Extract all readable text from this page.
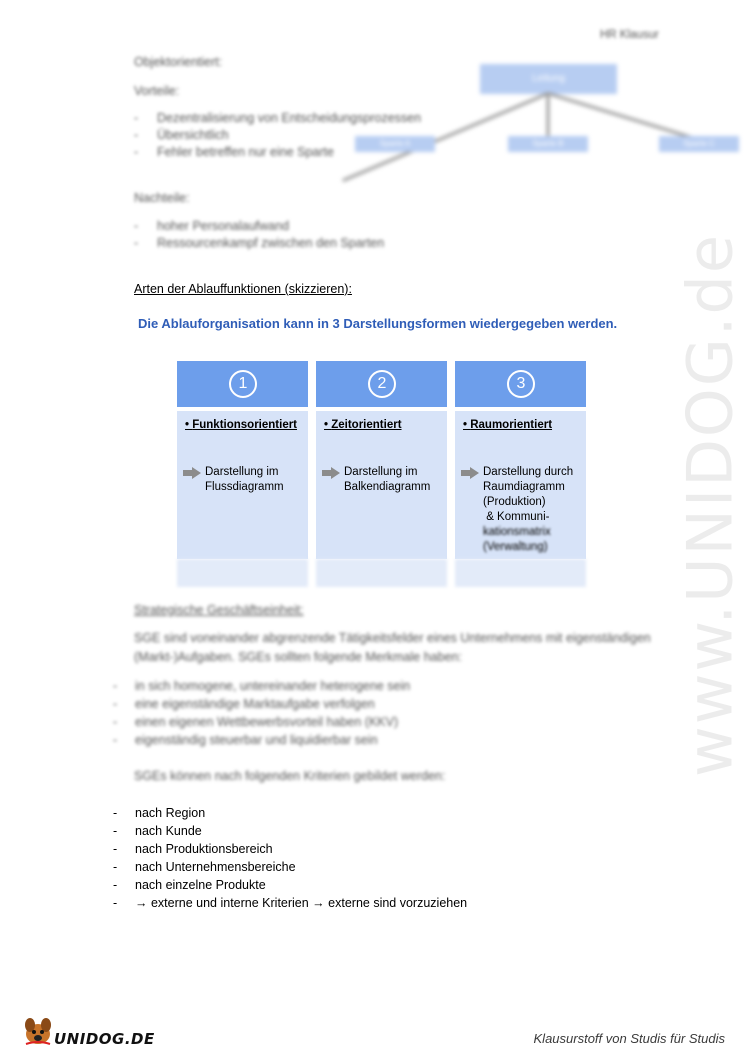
HR Klausur
Objektorientiert:
Vorteile:
- Dezentralisierung von Entscheidungsprozessen
- Übersichtlich
- Fehler betreffen nur eine Sparte
Nachteile:
- hoher Personalaufwand
- Ressourcenkampf zwischen den Sparten
Leitung
Sparte A	Sparte B	Sparte C
Arten der Ablauffunktionen (skizzieren):
Die Ablauforganisation kann in 3 Darstellungsformen wiedergegeben werden.
1
• Funktionsorientiert
Darstellung im
Flussdiagramm
2
• Zeitorientiert
Darstellung im
Balkendiagramm
3
• Raumorientiert
Darstellung durch
Raumdiagramm
(Produktion)
& Kommuni-
kationsmatrix
(Verwaltung)
Strategische Geschäftseinheit:
SGE sind voneinander abgrenzende Tätigkeitsfelder eines Unternehmens mit eigenständigen
(Markt-)Aufgaben. SGEs sollten folgende Merkmale haben:
- in sich homogene, untereinander heterogene sein
- eine eigenständige Marktaufgabe verfolgen
- einen eigenen Wettbewerbsvorteil haben (KKV)
- eigenständig steuerbar und liquidierbar sein
SGEs können nach folgenden Kriterien gebildet werden:
- nach Region
- nach Kunde
- nach Produktionsbereich
- nach Unternehmensbereiche
- nach einzelne Produkte
- → externe und interne Kriterien → externe sind vorzuziehen
www.UNIDOG.de
UNIDOG.DE	Klausurstoff von Studis für Studis
